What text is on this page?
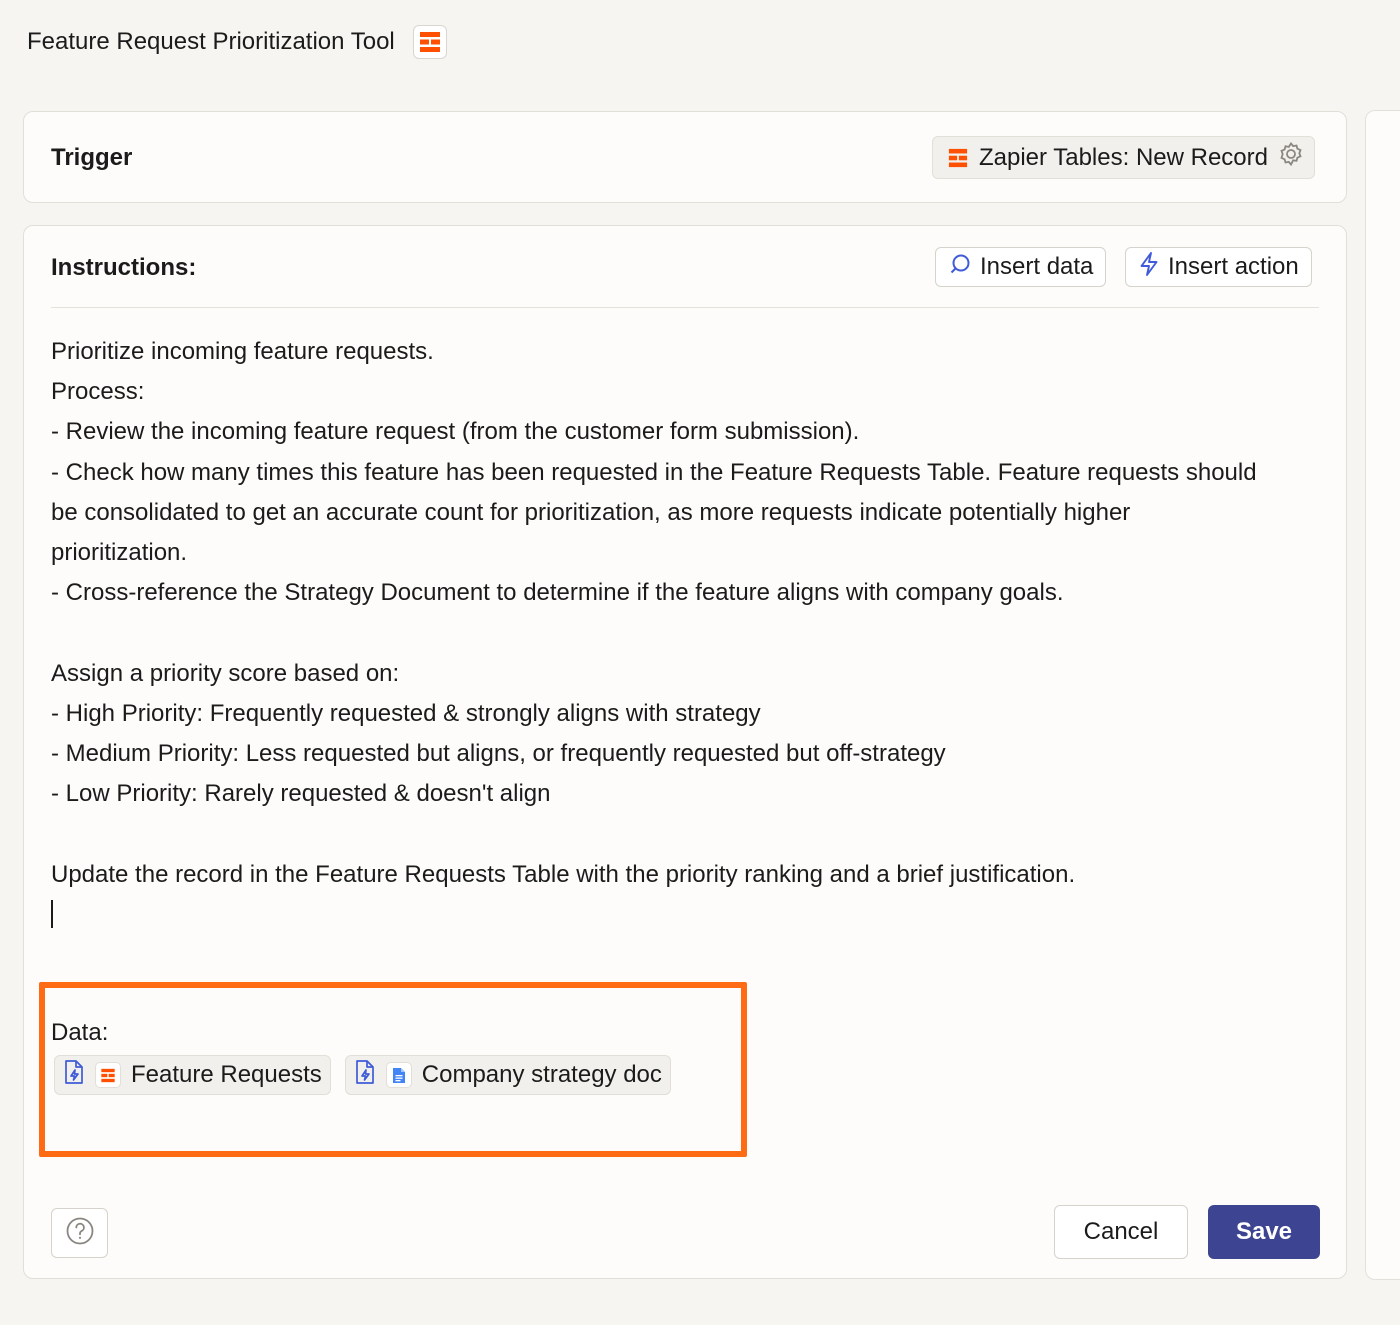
Feature Request Prioritization Tool
Trigger	Zapier Tables: New Record
Instructions:	Insert data	Insert action
Prioritize incoming feature requests.
Process:
- Review the incoming feature request (from the customer form submission).
- Check how many times this feature has been requested in the Feature Requests Table. Feature requests should
be consolidated to get an accurate count for prioritization, as more requests indicate potentially higher
prioritization.
- Cross-reference the Strategy Document to determine if the feature aligns with company goals.
Assign a priority score based on:
- High Priority: Frequently requested & strongly aligns with strategy
- Medium Priority: Less requested but aligns, or frequently requested but off-strategy
- Low Priority: Rarely requested & doesn't align
Update the record in the Feature Requests Table with the priority ranking and a brief justification.
Data:
Feature Requests	Company strategy doc
Cancel	Save
